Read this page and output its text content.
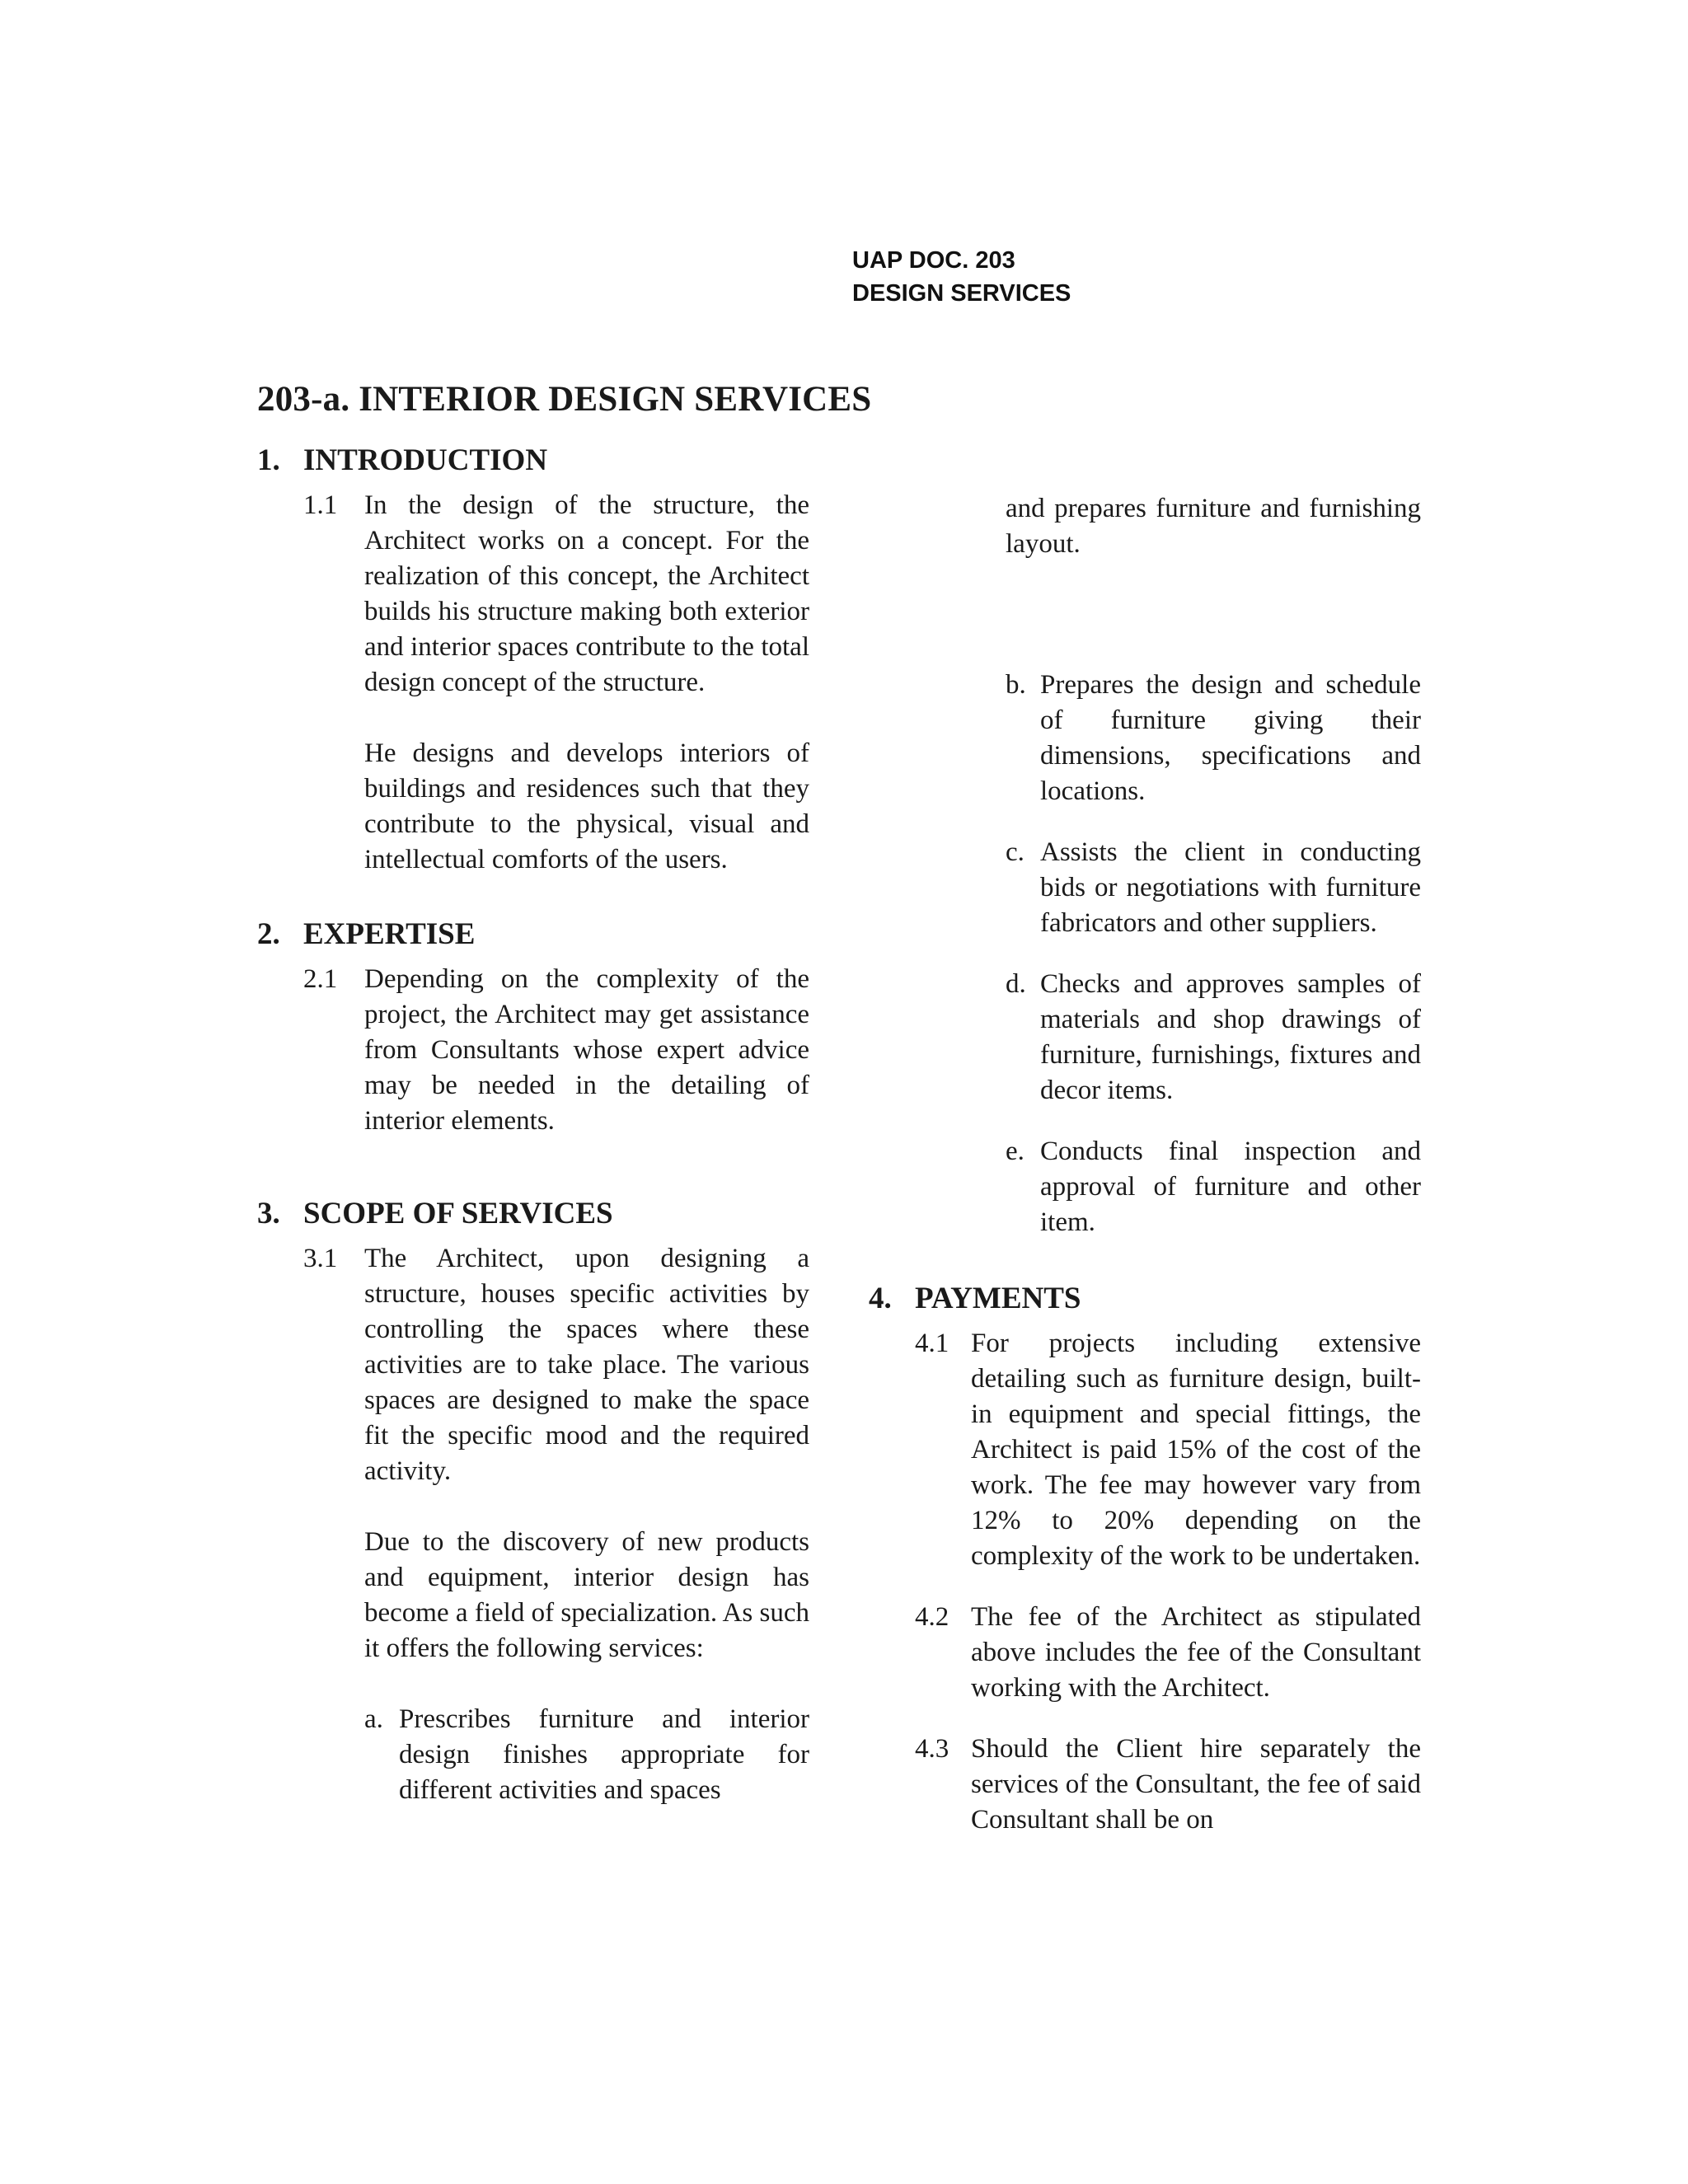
UAP DOC. 203
DESIGN SERVICES
203-a. INTERIOR DESIGN SERVICES
1. INTRODUCTION
1.1 In the design of the structure, the Architect works on a concept. For the realization of this concept, the Architect builds his structure making both exterior and interior spaces contribute to the total design concept of the structure.

He designs and develops interiors of buildings and residences such that they contribute to the physical, visual and intellectual comforts of the users.

2. EXPERTISE
2.1 Depending on the complexity of the project, the Architect may get assistance from Consultants whose expert advice may be needed in the detailing of interior elements.

3. SCOPE OF SERVICES
3.1 The Architect, upon designing a structure, houses specific activities by controlling the spaces where these activities are to take place. The various spaces are designed to make the space fit the specific mood and the required activity.

Due to the discovery of new products and equipment, interior design has become a field of specialization. As such it offers the following services:

a. Prescribes furniture and interior design finishes appropriate for different activities and spaces
and prepares furniture and furnishing layout.
b. Prepares the design and schedule of furniture giving their dimensions, specifications and locations.
c. Assists the client in conducting bids or negotiations with furniture fabricators and other suppliers.
d. Checks and approves samples of materials and shop drawings of furniture, furnishings, fixtures and decor items.
e. Conducts final inspection and approval of furniture and other item.
4. PAYMENTS
4.1 For projects including extensive detailing such as furniture design, built-in equipment and special fittings, the Architect is paid 15% of the cost of the work. The fee may however vary from 12% to 20% depending on the complexity of the work to be undertaken.

4.2 The fee of the Architect as stipulated above includes the fee of the Consultant working with the Architect.

4.3 Should the Client hire separately the services of the Consultant, the fee of said Consultant shall be on
